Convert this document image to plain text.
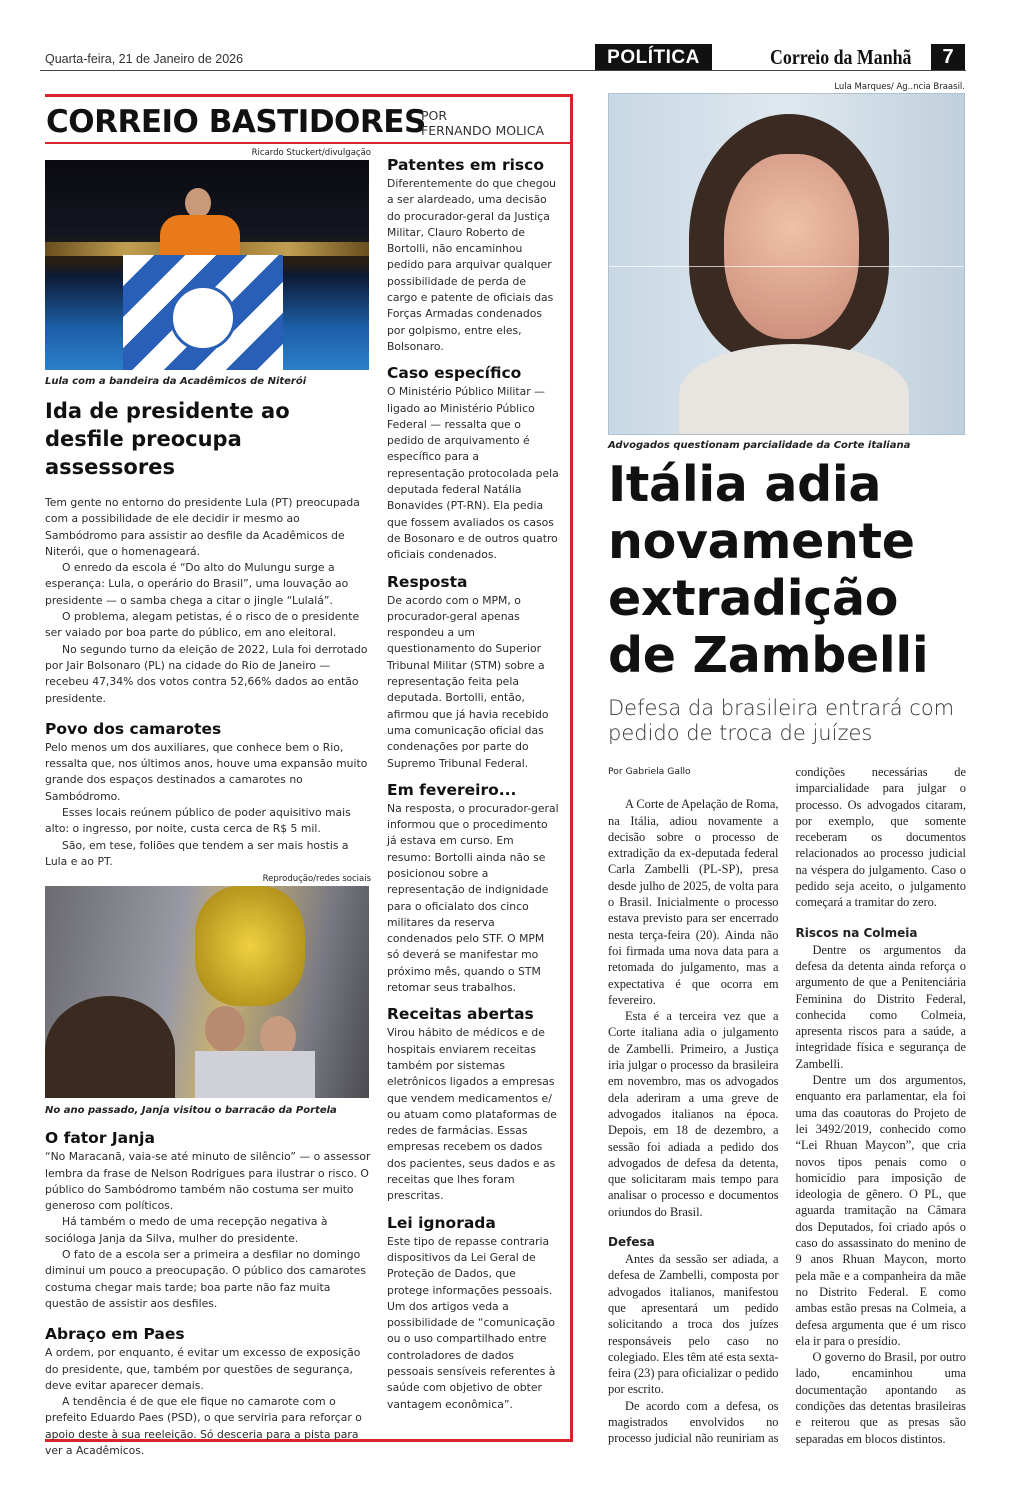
Quarta-feira, 21 de Janeiro de 2026	POLÍTICA	Correio da Manhã	7
CORREIO BASTIDORES
POR
FERNANDO MOLICA
Ricardo Stuckert/divulgação
Lula com a bandeira da Acadêmicos de Niterói
Ida de presidente ao desfile preocupa assessores

Tem gente no entorno do presidente Lula (PT) preocupada com a possibilidade de ele decidir ir mesmo ao Sambódromo para assistir ao desfile da Acadêmicos de Niterói, que o homenageará.

O enredo da escola é “Do alto do Mulungu surge a esperança: Lula, o operário do Brasil”, uma louvação ao presidente — o samba chega a citar o jingle “Lulalá”.

O problema, alegam petistas, é o risco de o presidente ser vaiado por boa parte do público, em ano eleitoral.

No segundo turno da eleição de 2022, Lula foi derrotado por Jair Bolsonaro (PL) na cidade do Rio de Janeiro — recebeu 47,34% dos votos contra 52,66% dados ao então presidente.

Povo dos camarotes

Pelo menos um dos auxiliares, que conhece bem o Rio, ressalta que, nos últimos anos, houve uma expansão muito grande dos espaços destinados a camarotes no Sambódromo.

Esses locais reúnem público de poder aquisitivo mais alto: o ingresso, por noite, custa cerca de R$ 5 mil.

São, em tese, foliões que tendem a ser mais hostis a Lula e ao PT.

Reprodução/redes sociais
No ano passado, Janja visitou o barracão da Portela
O fator Janja

“No Maracanã, vaia-se até minuto de silêncio” — o assessor lembra da frase de Nelson Rodrigues para ilustrar o risco. O público do Sambódromo também não costuma ser muito generoso com políticos.

Há também o medo de uma recepção negativa à socióloga Janja da Silva, mulher do presidente.

O fato de a escola ser a primeira a desfilar no domingo diminui um pouco a preocupação. O público dos camarotes costuma chegar mais tarde; boa parte não faz muita questão de assistir aos desfiles.

Abraço em Paes

A ordem, por enquanto, é evitar um excesso de exposição do presidente, que, também por questões de segurança, deve evitar aparecer demais.

A tendência é de que ele fique no camarote com o prefeito Eduardo Paes (PSD), o que serviria para reforçar o apoio deste à sua reeleição. Só desceria para a pista para ver a Acadêmicos.

Patentes em risco

Diferentemente do que chegou a ser alardeado, uma decisão do procurador-geral da Justiça Militar, Clauro Roberto de Bortolli, não encaminhou pedido para arquivar qualquer possibilidade de perda de cargo e patente de oficiais das Forças Armadas condenados por golpismo, entre eles, Bolsonaro.

Caso específico

O Ministério Público Militar — ligado ao Ministério Público Federal — ressalta que o pedido de arquivamento é específico para a representação protocolada pela deputada federal Natália Bonavides (PT-RN). Ela pedia que fossem avaliados os casos de Bosonaro e de outros quatro oficiais condenados.

Resposta

De acordo com o MPM, o procurador-geral apenas respondeu a um questionamento do Superior Tribunal Militar (STM) sobre a representação feita pela deputada. Bortolli, então, afirmou que já havia recebido uma comunicação oficial das condenações por parte do Supremo Tribunal Federal.

Em fevereiro...

Na resposta, o procurador-geral informou que o procedimento já estava em curso. Em resumo: Bortolli ainda não se posicionou sobre a representação de indignidade para o oficialato dos cinco militares da reserva condenados pelo STF. O MPM só deverá se manifestar mo próximo mês, quando o STM retomar seus trabalhos.

Receitas abertas

Virou hábito de médicos e de hospitais enviarem receitas também por sistemas eletrônicos ligados a empresas que vendem medicamentos e/ ou atuam como plataformas de redes de farmácias. Essas empresas recebem os dados dos pacientes, seus dados e as receitas que lhes foram prescritas.

Lei ignorada

Este tipo de repasse contraria dispositivos da Lei Geral de Proteção de Dados, que protege informações pessoais. Um dos artigos veda a possibilidade de “comunicação ou o uso compartilhado entre controladores de dados pessoais sensíveis referentes à saúde com objetivo de obter vantagem econômica”.

Lula Marques/ Ag..ncia Braasil.
Advogados questionam parcialidade da Corte italiana
Itália adia novamente extradição de Zambelli
Defesa da brasileira entrará com pedido de troca de juízes

Por Gabriela Gallo

A Corte de Apelação de Roma, na Itália, adiou novamente a decisão sobre o processo de extradição da ex-deputada federal Carla Zambelli (PL-SP), presa desde julho de 2025, de volta para o Brasil. Inicialmente o processo estava previsto para ser encerrado nesta terça-feira (20). Ainda não foi firmada uma nova data para a retomada do julgamento, mas a expectativa é que ocorra em fevereiro.

Esta é a terceira vez que a Corte italiana adia o julgamento de Zambelli. Primeiro, a Justiça iria julgar o processo da brasileira em novembro, mas os advogados dela aderiram a uma greve de advogados italianos na época. Depois, em 18 de dezembro, a sessão foi adiada a pedido dos advogados de defesa da detenta, que solicitaram mais tempo para analisar o processo e documentos oriundos do Brasil.

Defesa

Antes da sessão ser adiada, a defesa de Zambelli, composta por advogados italianos, manifestou que apresentará um pedido solicitando a troca dos juízes responsáveis pelo caso no colegiado. Eles têm até esta sexta-feira (23) para oficializar o pedido por escrito.

De acordo com a defesa, os magistrados envolvidos no processo judicial não reuniriam as condições necessárias de imparcialidade para julgar o processo. Os advogados citaram, por exemplo, que somente receberam os documentos relacionados ao processo judicial na véspera do julgamento. Caso o pedido seja aceito, o julgamento começará a tramitar do zero.

Riscos na Colmeia

Dentre os argumentos da defesa da detenta ainda reforça o argumento de que a Penitenciária Feminina do Distrito Federal, conhecida como Colmeia, apresenta riscos para a saúde, a integridade física e segurança de Zambelli.

Dentre um dos argumentos, enquanto era parlamentar, ela foi uma das coautoras do Projeto de lei 3492/2019, conhecido como “Lei Rhuan Maycon”, que cria novos tipos penais como o homicídio para imposição de ideologia de gênero. O PL, que aguarda tramitação na Câmara dos Deputados, foi criado após o caso do assassinato do menino de 9 anos Rhuan Maycon, morto pela mãe e a companheira da mãe no Distrito Federal. E como ambas estão presas na Colmeia, a defesa argumenta que é um risco ela ir para o presídio.

O governo do Brasil, por outro lado, encaminhou uma documentação apontando as condições das detentas brasileiras e reiterou que as presas são separadas em blocos distintos.
